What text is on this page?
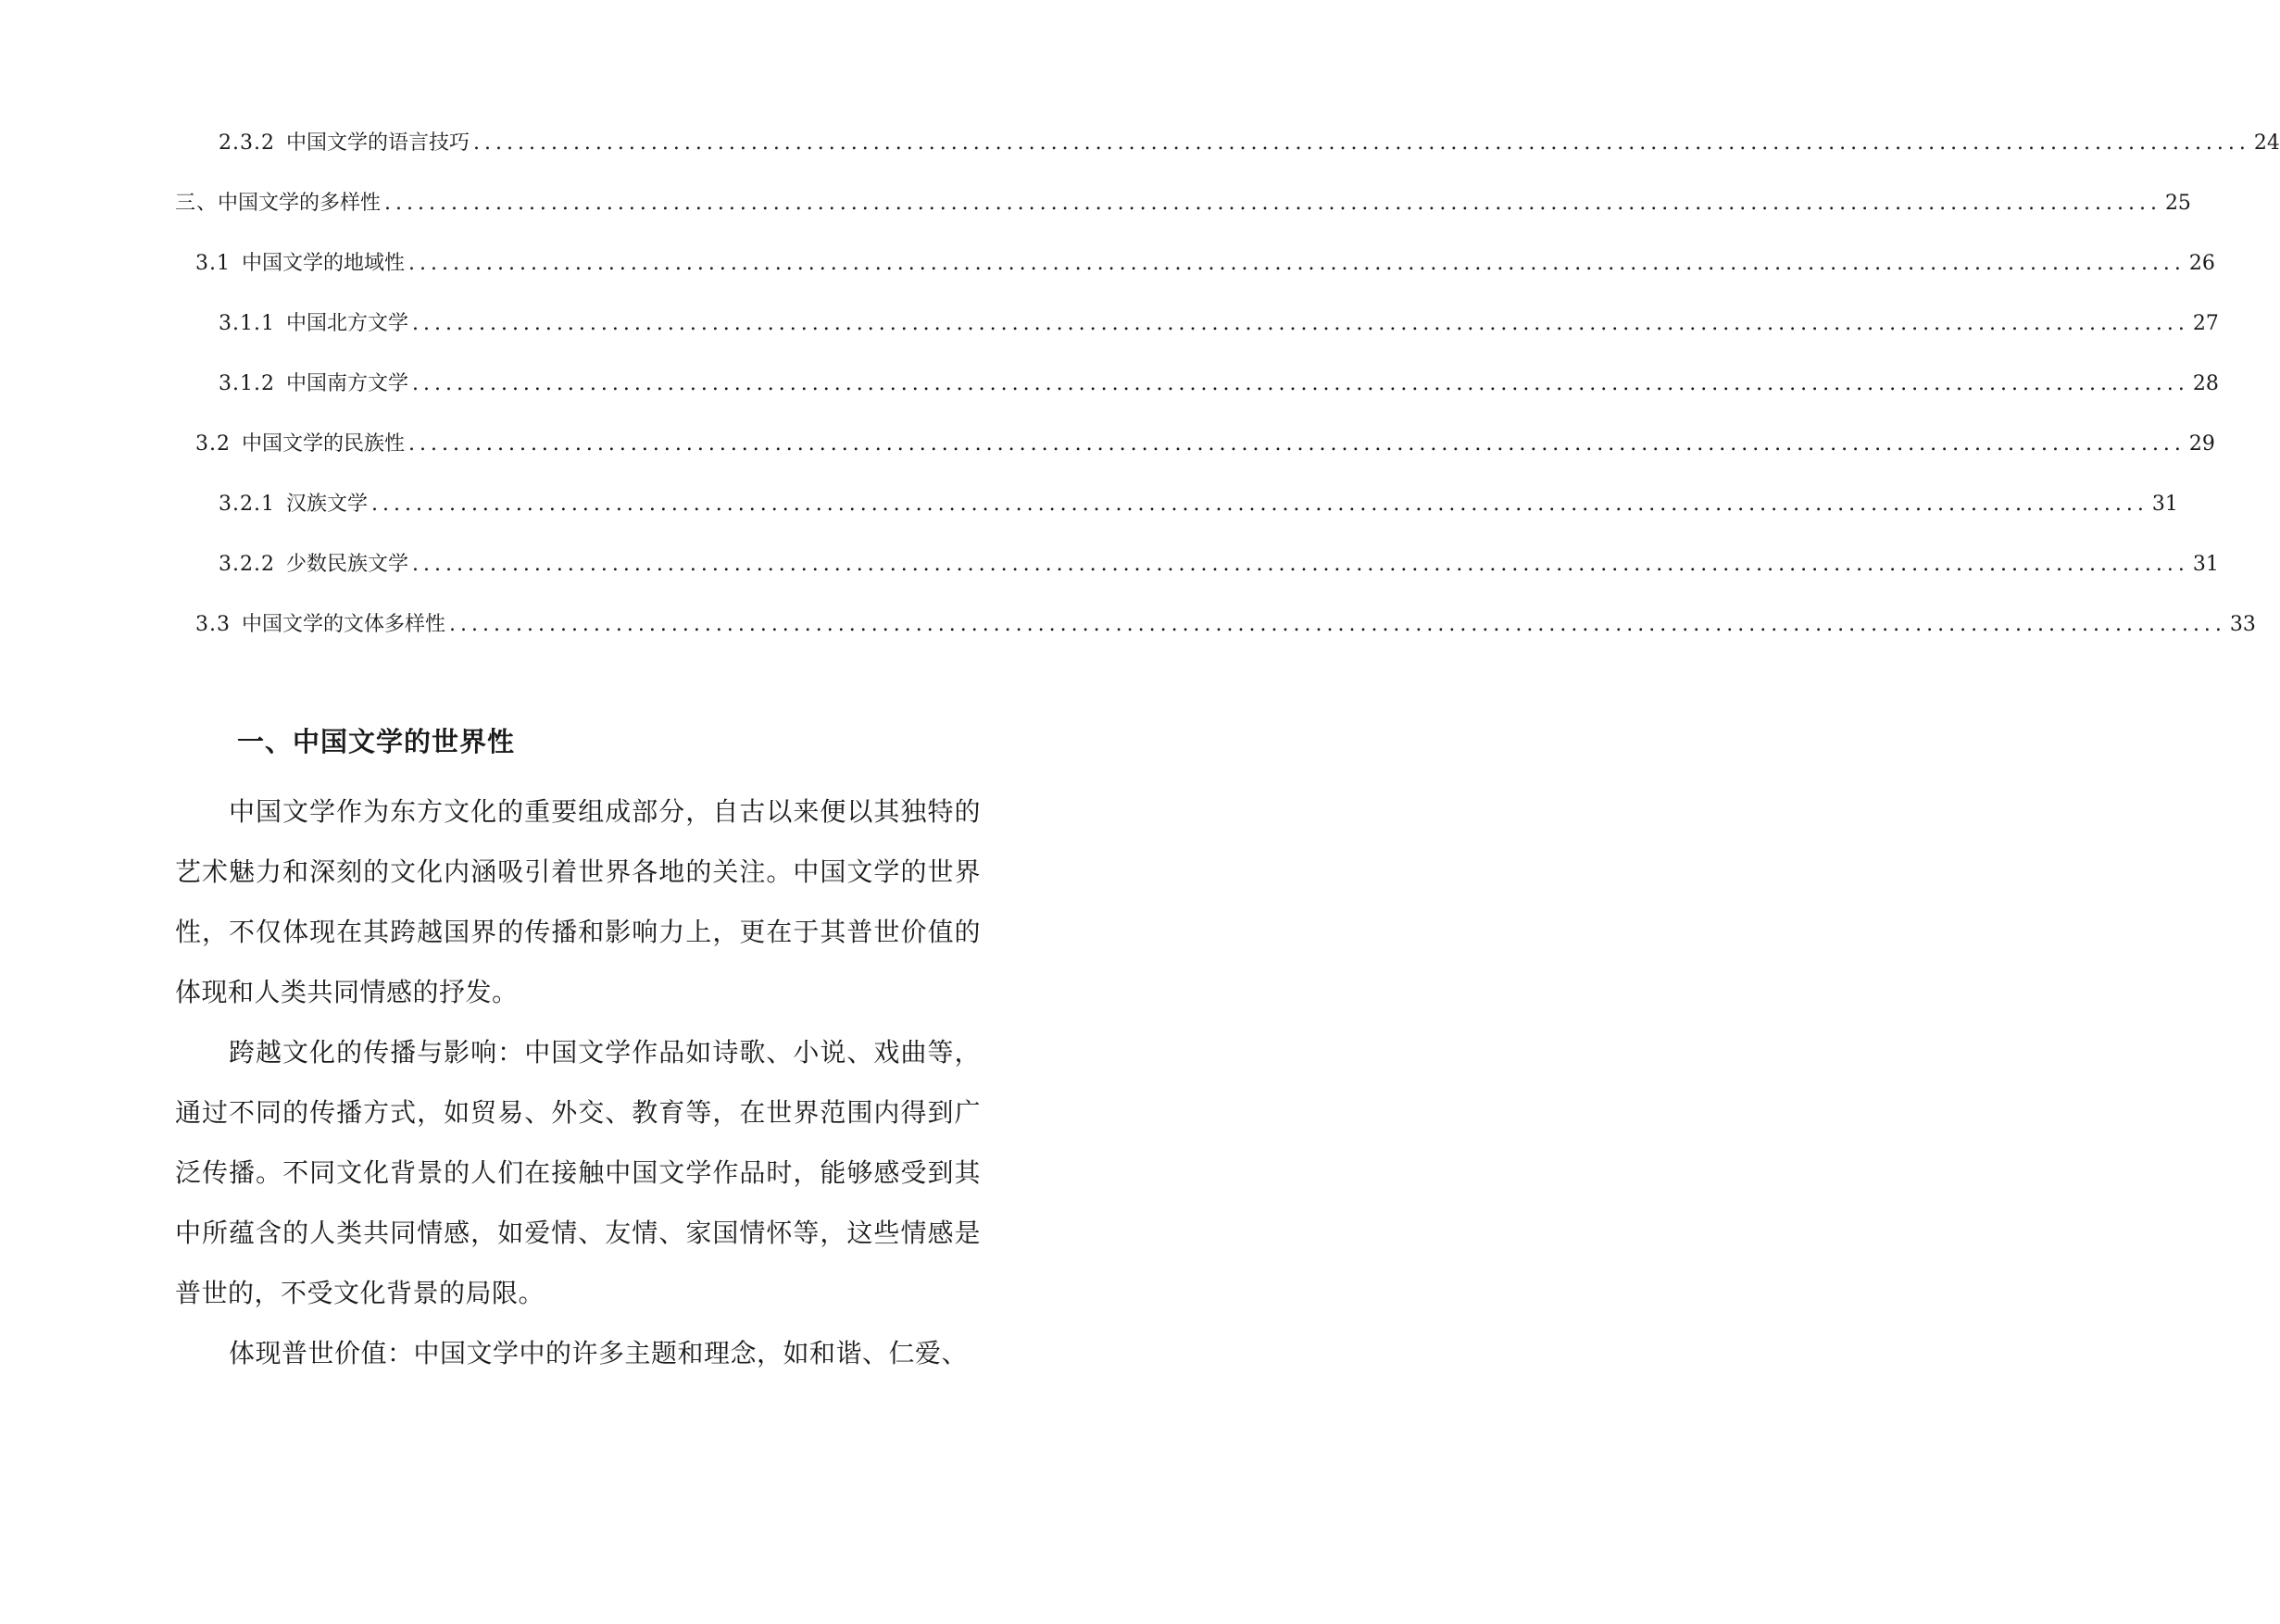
2.3.2 中国文学的语言技巧 ................................................................................................................................................................ 24
三、 中国文学的多样性 ................................................................................................................................................................ 25
3.1 中国文学的地域性 ................................................................................................................................................................ 26
3.1.1 中国北方文学 ................................................................................................................................................................ 27
3.1.2 中国南方文学 ................................................................................................................................................................ 28
3.2 中国文学的民族性 ................................................................................................................................................................ 29
3.2.1 汉族文学 ................................................................................................................................................................ 31
3.2.2 少数民族文学 ................................................................................................................................................................ 31
3.3 中国文学的文体多样性 ................................................................................................................................................................ 33
一、中国文学的世界性

中国文学作为东方文化的重要组成部分，自古以来便以其独特的艺术魅力和深刻的文化内涵吸引着世界各地的关注。中国文学的世界性，不仅体现在其跨越国界的传播和影响力上，更在于其普世价值的体现和人类共同情感的抒发。

跨越文化的传播与影响：中国文学作品如诗歌、小说、戏曲等，通过不同的传播方式，如贸易、外交、教育等，在世界范围内得到广泛传播。不同文化背景的人们在接触中国文学作品时，能够感受到其中所蕴含的人类共同情感，如爱情、友情、家国情怀等，这些情感是普世的，不受文化背景的局限。

体现普世价值：中国文学中的许多主题和理念，如和谐、仁爱、
